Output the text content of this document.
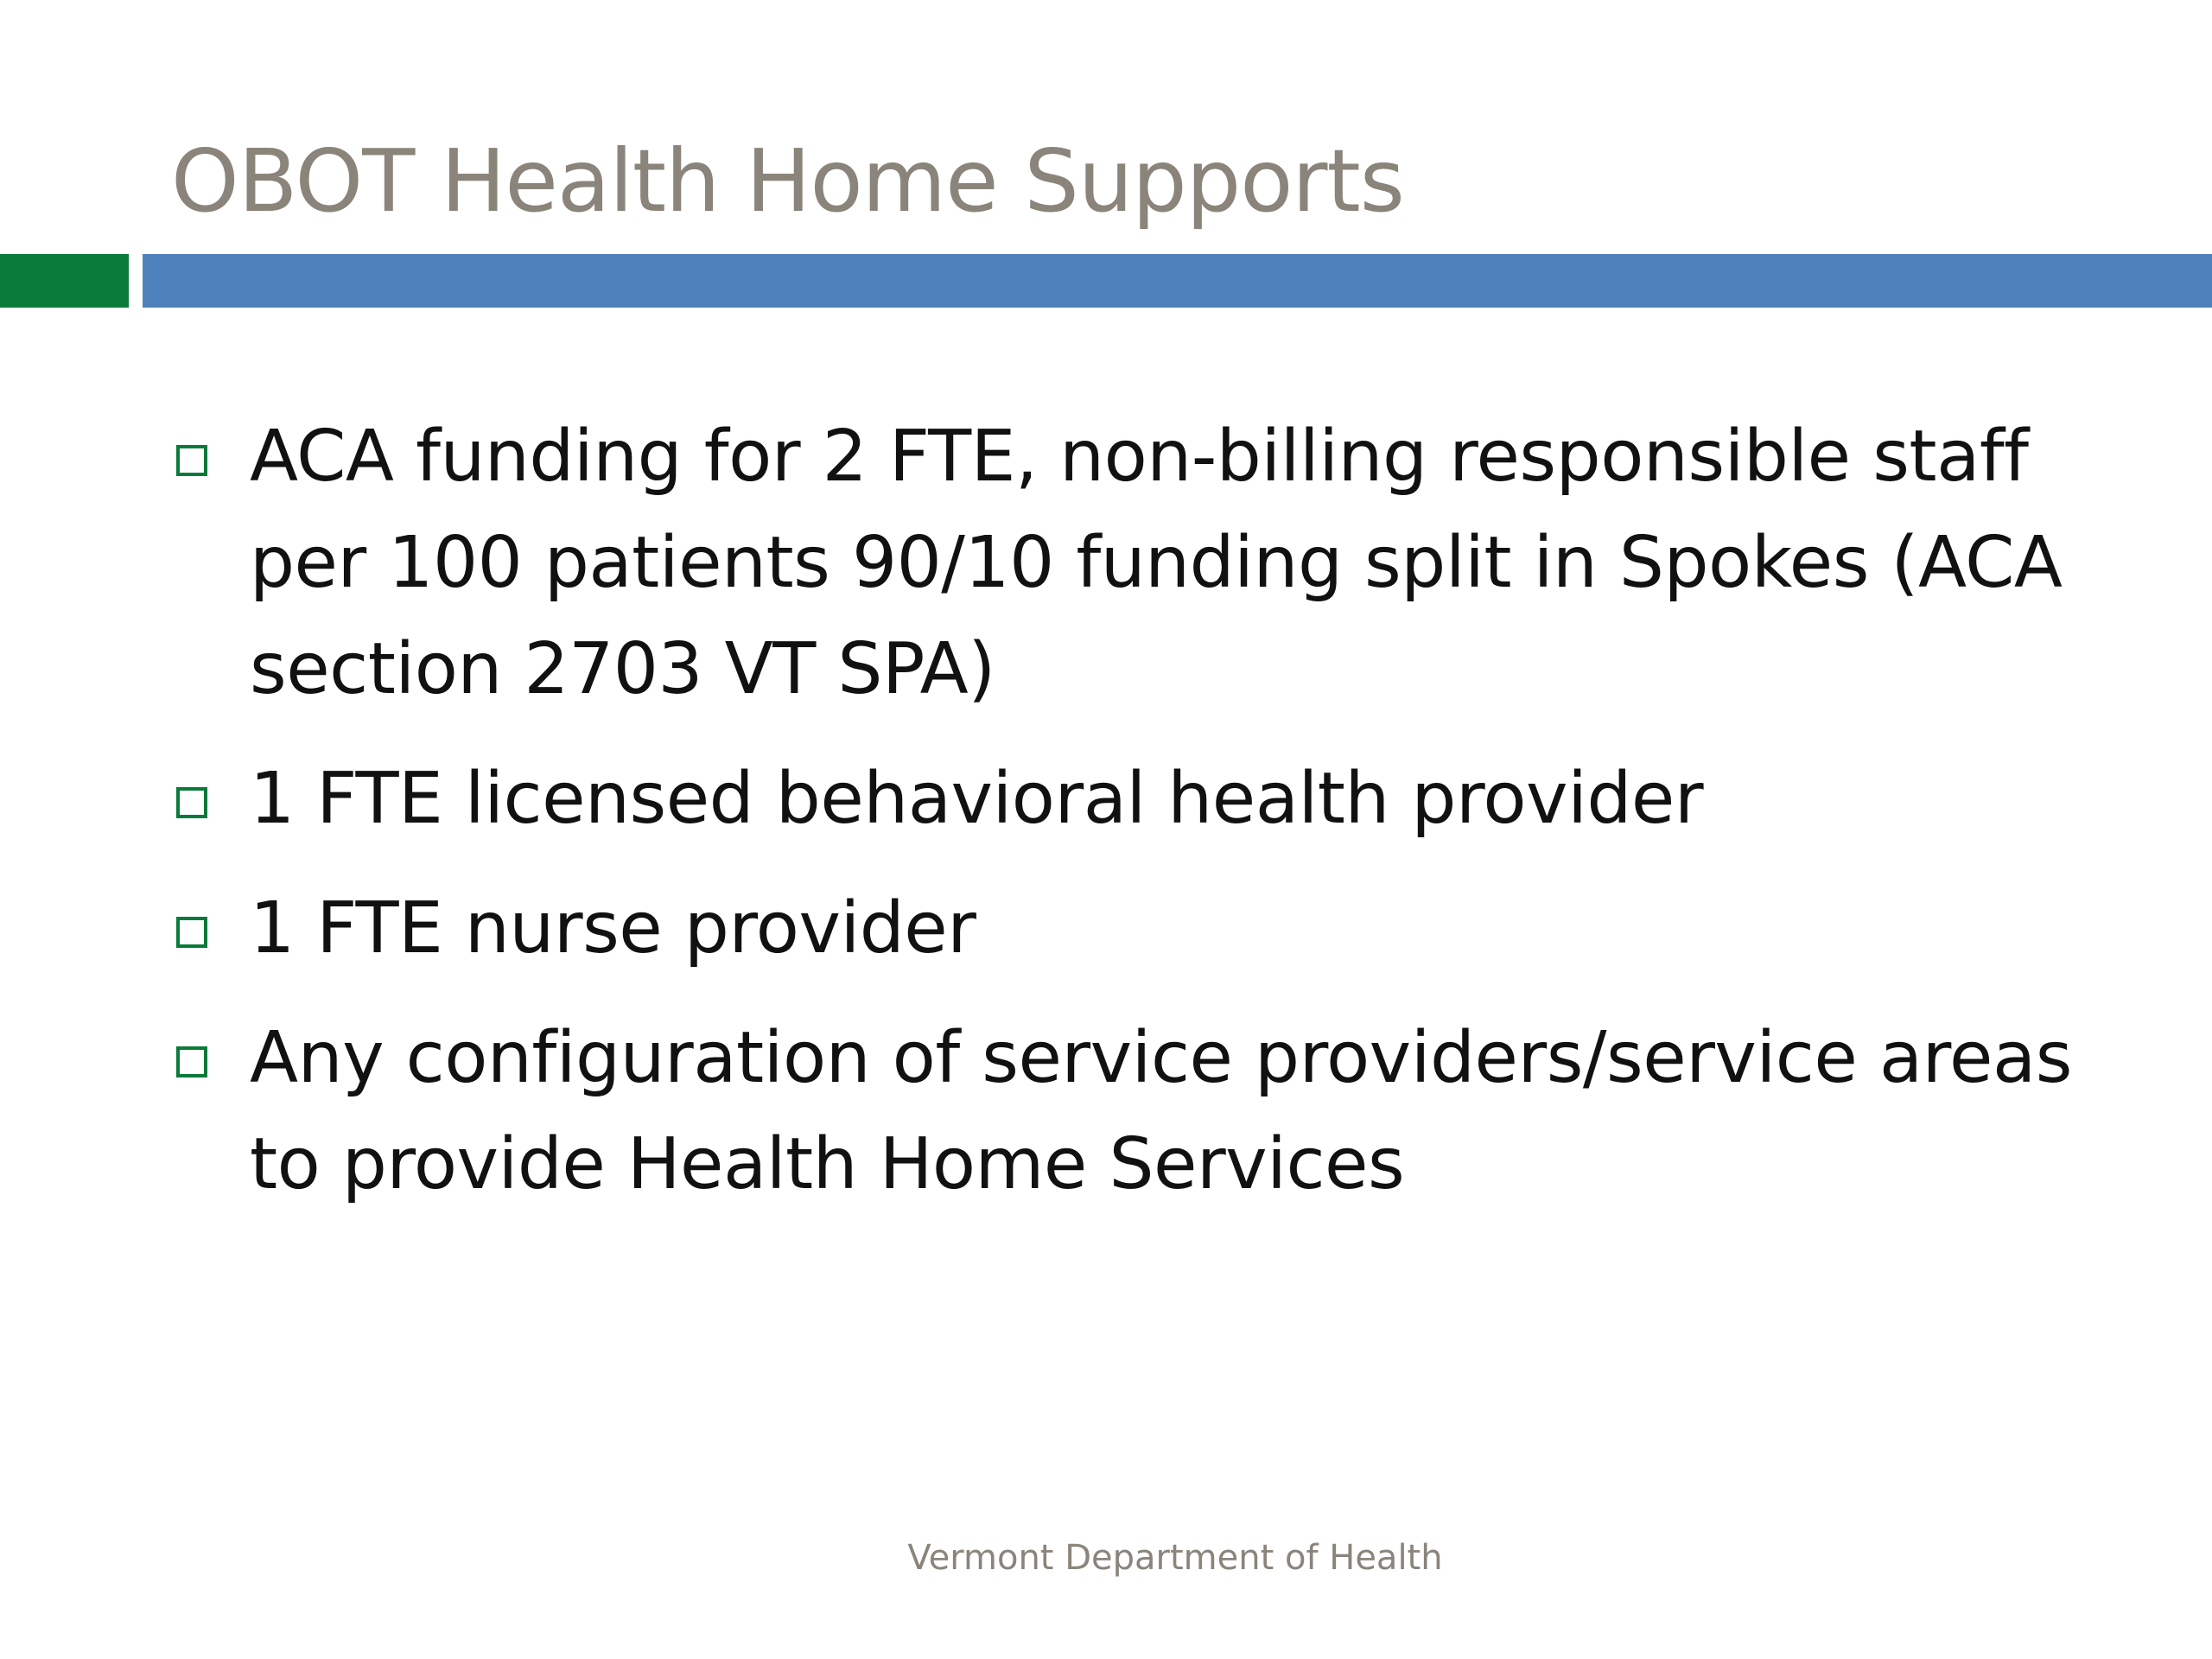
OBOT Health Home Supports
ACA funding for 2 FTE, non-billing responsible staff per 100 patients 90/10 funding split in Spokes (ACA section 2703 VT SPA)
1 FTE licensed behavioral health provider
1 FTE nurse provider
Any configuration of service providers/service areas to provide Health Home Services
Vermont Department of Health
